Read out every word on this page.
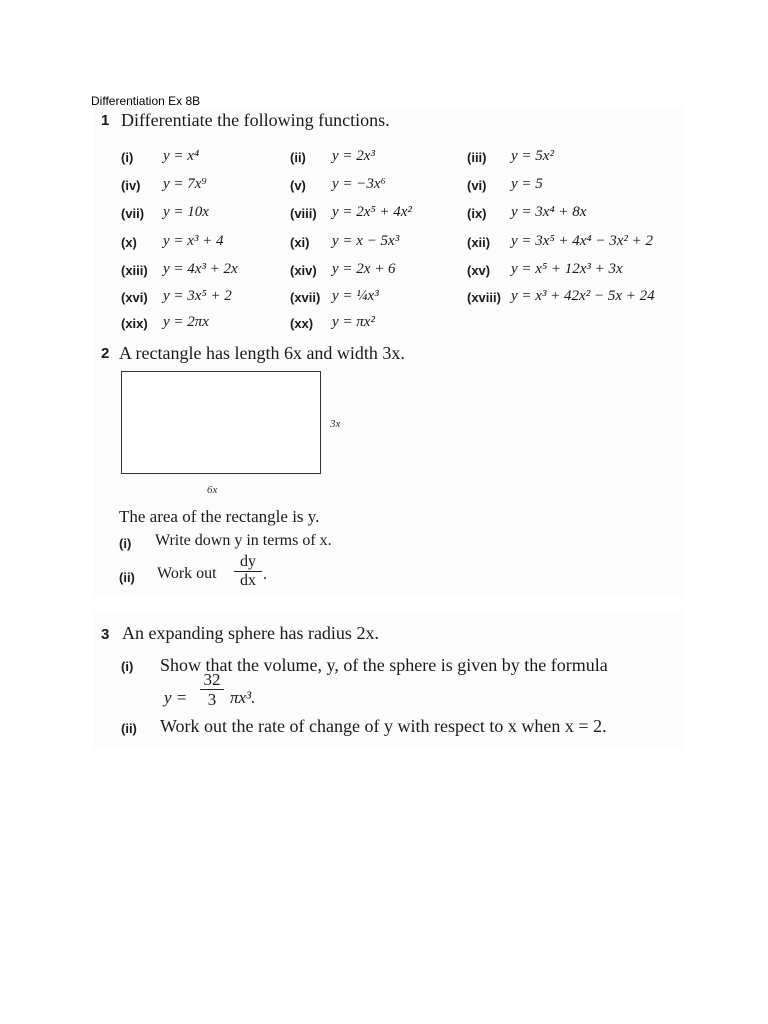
Differentiation Ex 8B
1 Differentiate the following functions.
(i) y = x⁴	(ii) y = 2x³	(iii) y = 5x²
(iv) y = 7x⁹	(v) y = −3x⁶	(vi) y = 5
(vii) y = 10x	(viii) y = 2x⁵ + 4x²	(ix) y = 3x⁴ + 8x
(x) y = x³ + 4	(xi) y = x − 5x³	(xii) y = 3x⁵ + 4x⁴ − 3x² + 2
(xiii) y = 4x³ + 2x	(xiv) y = 2x + 6	(xv) y = x⁵ + 12x³ + 3x
(xvi) y = 3x⁵ + 2	(xvii) y = ¼x³	(xviii) y = x³ + 42x² − 5x + 24
(xix) y = 2πx	(xx) y = πx²
2 A rectangle has length 6x and width 3x.
3x
6x
The area of the rectangle is y.
(i) Write down y in terms of x.
(ii) Work out
dy
dx .
3 An expanding sphere has radius 2x.
(i) Show that the volume, y, of the sphere is given by the formula
y =
32
3 πx³.
(ii) Work out the rate of change of y with respect to x when x = 2.
